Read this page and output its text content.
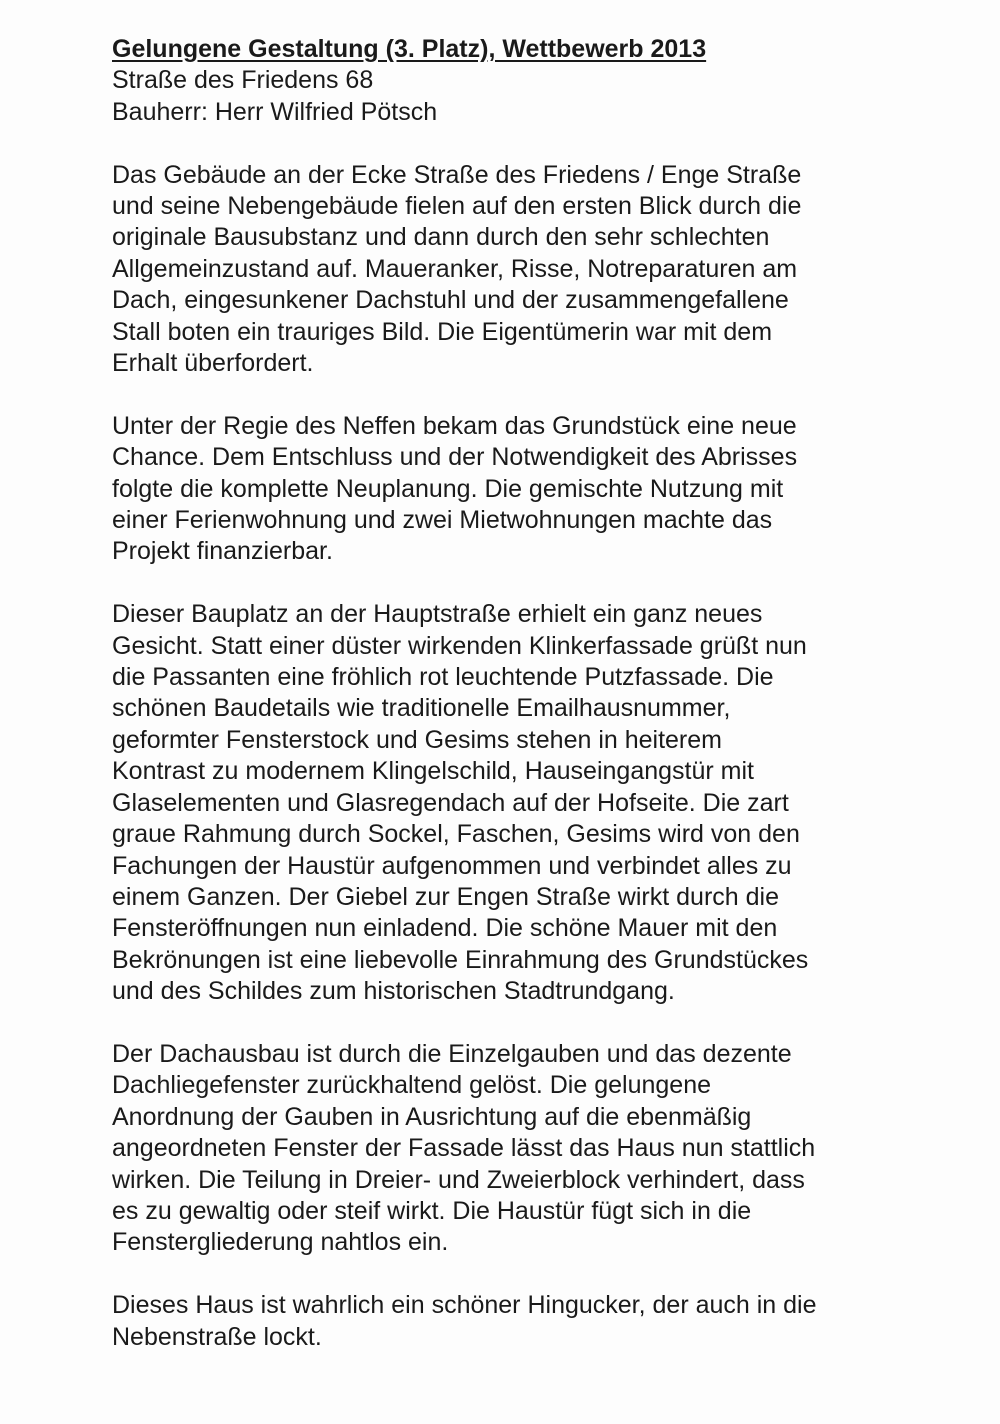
Gelungene Gestaltung (3. Platz), Wettbewerb 2013

Straße des Friedens 68

Bauherr: Herr Wilfried Pötsch

Das Gebäude an der Ecke Straße des Friedens / Enge Straße

und seine Nebengebäude fielen auf den ersten Blick durch die

originale Bausubstanz und dann durch den sehr schlechten

Allgemeinzustand auf. Maueranker, Risse, Notreparaturen am

Dach, eingesunkener Dachstuhl und der zusammengefallene

Stall boten ein trauriges Bild. Die Eigentümerin war mit dem

Erhalt überfordert.

Unter der Regie des Neffen bekam das Grundstück eine neue

Chance. Dem Entschluss und der Notwendigkeit des Abrisses

folgte die komplette Neuplanung. Die gemischte Nutzung mit

einer Ferienwohnung und zwei Mietwohnungen machte das

Projekt finanzierbar.

Dieser Bauplatz an der Hauptstraße erhielt ein ganz neues

Gesicht. Statt einer düster wirkenden Klinkerfassade grüßt nun

die Passanten eine fröhlich rot leuchtende Putzfassade. Die

schönen Baudetails wie traditionelle Emailhausnummer,

geformter Fensterstock und Gesims stehen in heiterem

Kontrast zu modernem Klingelschild, Hauseingangstür mit

Glaselementen und Glasregendach auf der Hofseite. Die zart

graue Rahmung durch Sockel, Faschen, Gesims wird von den

Fachungen der Haustür aufgenommen und verbindet alles zu

einem Ganzen. Der Giebel zur Engen Straße wirkt durch die

Fensteröffnungen nun einladend. Die schöne Mauer mit den

Bekrönungen ist eine liebevolle Einrahmung des Grundstückes

und des Schildes zum historischen Stadtrundgang.

Der Dachausbau ist durch die Einzelgauben und das dezente

Dachliegefenster zurückhaltend gelöst. Die gelungene

Anordnung der Gauben in Ausrichtung auf die ebenmäßig

angeordneten Fenster der Fassade lässt das Haus nun stattlich

wirken. Die Teilung in Dreier- und Zweierblock verhindert, dass

es zu gewaltig oder steif wirkt. Die Haustür fügt sich in die

Fenstergliederung nahtlos ein.

Dieses Haus ist wahrlich ein schöner Hingucker, der auch in die

Nebenstraße lockt.
